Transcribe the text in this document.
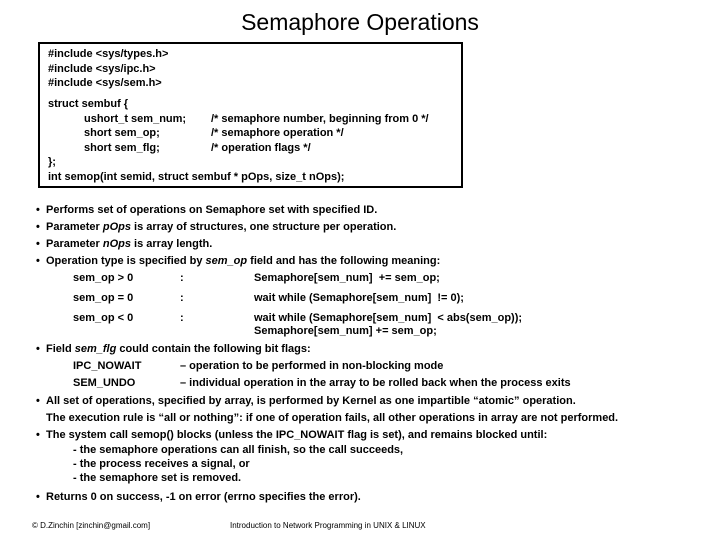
Semaphore Operations
#include <sys/types.h>
#include <sys/ipc.h>
#include <sys/sem.h>
struct sembuf {
ushort_t sem_num; /* semaphore number, beginning from 0 */
short sem_op;	/* semaphore operation */
short sem_flg;	/* operation flags */
};
int semop(int semid, struct sembuf * pOps, size_t nOps);
• Performs set of operations on Semaphore set with specified ID.
• Parameter pOps is array of structures, one structure per operation.
• Parameter nOps is array length.
• Operation type is specified by sem_op field and has the following meaning:
sem_op > 0	:	Semaphore[sem_num]  += sem_op;
sem_op = 0	:	wait while (Semaphore[sem_num]  != 0);
sem_op < 0	:	wait while (Semaphore[sem_num]  < abs(sem_op));
Semaphore[sem_num] += sem_op;
• Field sem_flg could contain the following bit flags:
IPC_NOWAIT	– operation to be performed in non-blocking mode
SEM_UNDO	– individual operation in the array to be rolled back when the process exits
• All set of operations, specified by array, is performed by Kernel as one impartible “atomic” operation.
The execution rule is “all or nothing”: if one of operation fails, all other operations in array are not performed.
• The system call semop() blocks (unless the IPC_NOWAIT flag is set), and remains blocked until:
- the semaphore operations can all finish, so the call succeeds,
- the process receives a signal, or
- the semaphore set is removed.
• Returns 0 on success, -1 on error (errno specifies the error).
© D.Zinchin [zinchin@gmail.com]	Introduction to Network Programming in UNIX & LINUX
